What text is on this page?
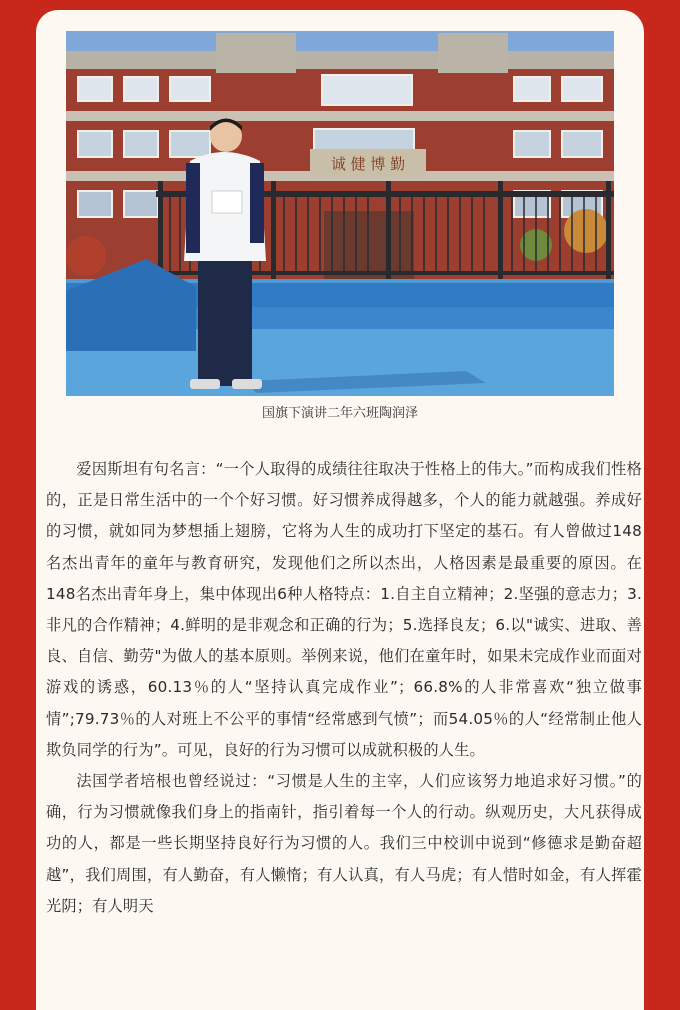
诚 健 博 勤
国旗下演讲二年六班陶润泽

爱因斯坦有句名言：“一个人取得的成绩往往取决于性格上的伟大。”而构成我们性格的，正是日常生活中的一个个好习惯。好习惯养成得越多，个人的能力就越强。养成好的习惯，就如同为梦想插上翅膀，它将为人生的成功打下坚定的基石。有人曾做过148名杰出青年的童年与教育研究，发现他们之所以杰出，人格因素是最重要的原因。在148名杰出青年身上，集中体现出6种人格特点：1.自主自立精神；2.坚强的意志力；3.非凡的合作精神；4.鲜明的是非观念和正确的行为；5.选择良友；6.以"诚实、进取、善良、自信、勤劳"为做人的基本原则。举例来说，他们在童年时，如果未完成作业而面对游戏的诱惑，60.13％的人“坚持认真完成作业”；66.8%的人非常喜欢“独立做事情”;79.73％的人对班上不公平的事情“经常感到气愤”；而54.05％的人“经常制止他人欺负同学的行为”。可见，良好的行为习惯可以成就积极的人生。

法国学者培根也曾经说过：“习惯是人生的主宰，人们应该努力地追求好习惯。”的确，行为习惯就像我们身上的指南针，指引着每一个人的行动。纵观历史，大凡获得成功的人，都是一些长期坚持良好行为习惯的人。我们三中校训中说到“修德求是勤奋超越”，我们周围，有人勤奋，有人懒惰；有人认真，有人马虎；有人惜时如金，有人挥霍光阴；有人明天
